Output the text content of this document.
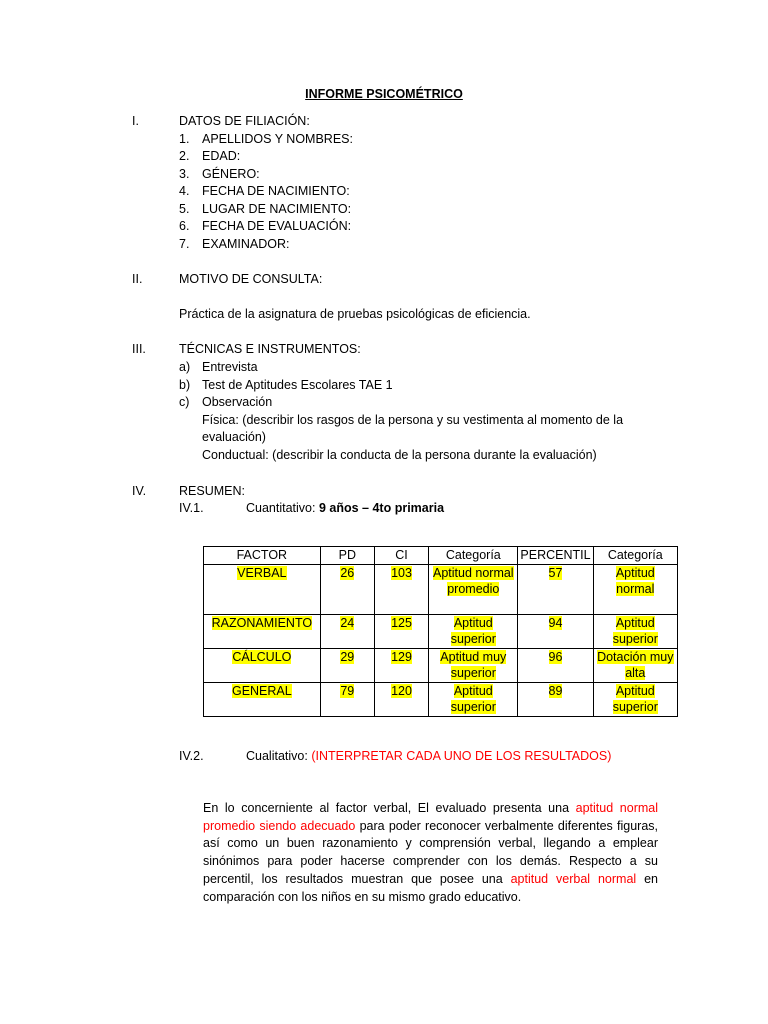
INFORME PSICOMÉTRICO
I.	DATOS DE FILIACIÓN:
1. APELLIDOS Y NOMBRES:
2. EDAD:
3. GÉNERO:
4. FECHA DE NACIMIENTO:
5. LUGAR DE NACIMIENTO:
6. FECHA DE EVALUACIÓN:
7. EXAMINADOR:
II.	MOTIVO DE CONSULTA:
Práctica de la asignatura de pruebas psicológicas de eficiencia.
III.	TÉCNICAS E INSTRUMENTOS:
a) Entrevista
b) Test de Aptitudes Escolares TAE 1
c) Observación
Física: (describir los rasgos de la persona y su vestimenta al momento de la
evaluación)
Conductual: (describir la conducta de la persona durante la evaluación)
IV.	RESUMEN:
IV.1.	Cuantitativo: 9 años – 4to primaria
FACTOR	PD	CI	Categoría	PERCENTIL	Categoría
VERBAL	26	103	Aptitud normal promedio	57	Aptitud normal
RAZONAMIENTO	24	125	Aptitud superior	94	Aptitud superior
CÁLCULO	29	129	Aptitud muy superior	96	Dotación muy alta
GENERAL	79	120	Aptitud superior	89	Aptitud superior
IV.2.	Cualitativo: (INTERPRETAR CADA UNO DE LOS RESULTADOS)
En lo concerniente al factor verbal, El evaluado presenta una aptitud normal promedio siendo adecuado para poder reconocer verbalmente diferentes figuras, así como un buen razonamiento y comprensión verbal, llegando a emplear sinónimos para poder hacerse comprender con los demás. Respecto a su percentil, los resultados muestran que posee una aptitud verbal normal en comparación con los niños en su mismo grado educativo.
